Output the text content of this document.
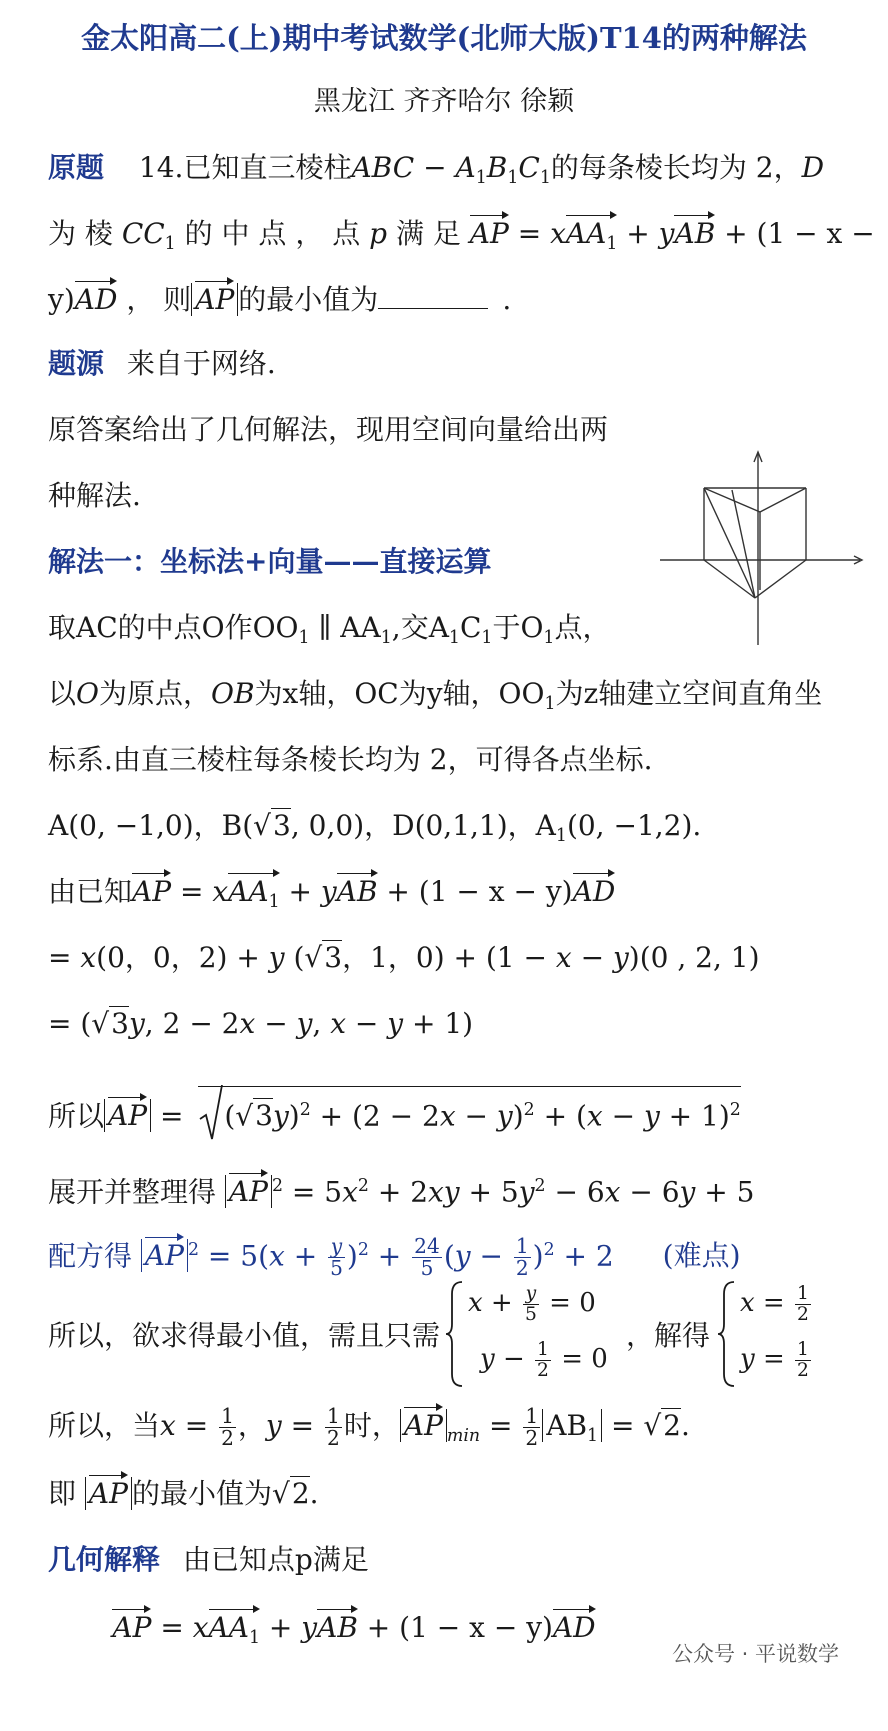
金太阳高二(上)期中考试数学(北师大版)T14的两种解法
黑龙江 齐齐哈尔 徐颖
原题 14.已知直三棱柱ABC − $A_1B_1C_1$的每条棱长均为 2，D
为 棱 $CC_1$ 的 中 点 ， 点 p 满 足 AP = xAA$_1$ + yAB + (1 − x −
y)AD ， 则 AP 的最小值为	.
题源 来自于网络.
原答案给出了几何解法，现用空间向量给出两
种解法.
解法一：坐标法+向量——直接运算
取AC的中点O作$OO_1$ ∥ $AA_1$,交$A_1C_1$于$O_1$点，
以O为原点，OB为x轴，OC为y轴，$OO_1$为z轴建立空间直角坐
标系.由直三棱柱每条棱长均为 2，可得各点坐标.
A(0, −1,0)，B(√3, 0,0)，D(0,1,1)，$A_1(0$, −1,2).
由已知AP = xAA$_1$ + yAB + (1 − x − y)AD
= x(0，0，2) + y (√3，1，0) + (1 − x − y)(0 , 2, 1)
= (√3y, 2 − 2x − y, x − y + 1)
所以 AP =
$(√3y)^2 + (2 - 2x - y)^2 + (x - y + 1)^2$
展开并整理得 AP $^2 = 5x^2 + 2xy + 5y^2 - 6x - 6y + 5$
配方得 AP $^2 = 5(x + \frac{y}{5} )^2 + \frac{24}{5} (y - \frac{1}{2} )^2 + 2$ (难点)
所以，欲求得最小值，需且只需
$x + \frac{y}{5} = 0$
$y - \frac{1}{2} = 0$
，解得
$x = \frac{1}{2}$
$y = \frac{1}{2}$
所以，当$x = \frac{1}{2}$ ，$y = \frac{1}{2}$ 时， AP $_{min} = \frac{1}{2} AB_1 = √2$.
即 AP 的最小值为√2.
几何解释 由已知点p满足
AP = xAA$_1$ + yAB + (1 − x − y)AD
公众号 · 平说数学
